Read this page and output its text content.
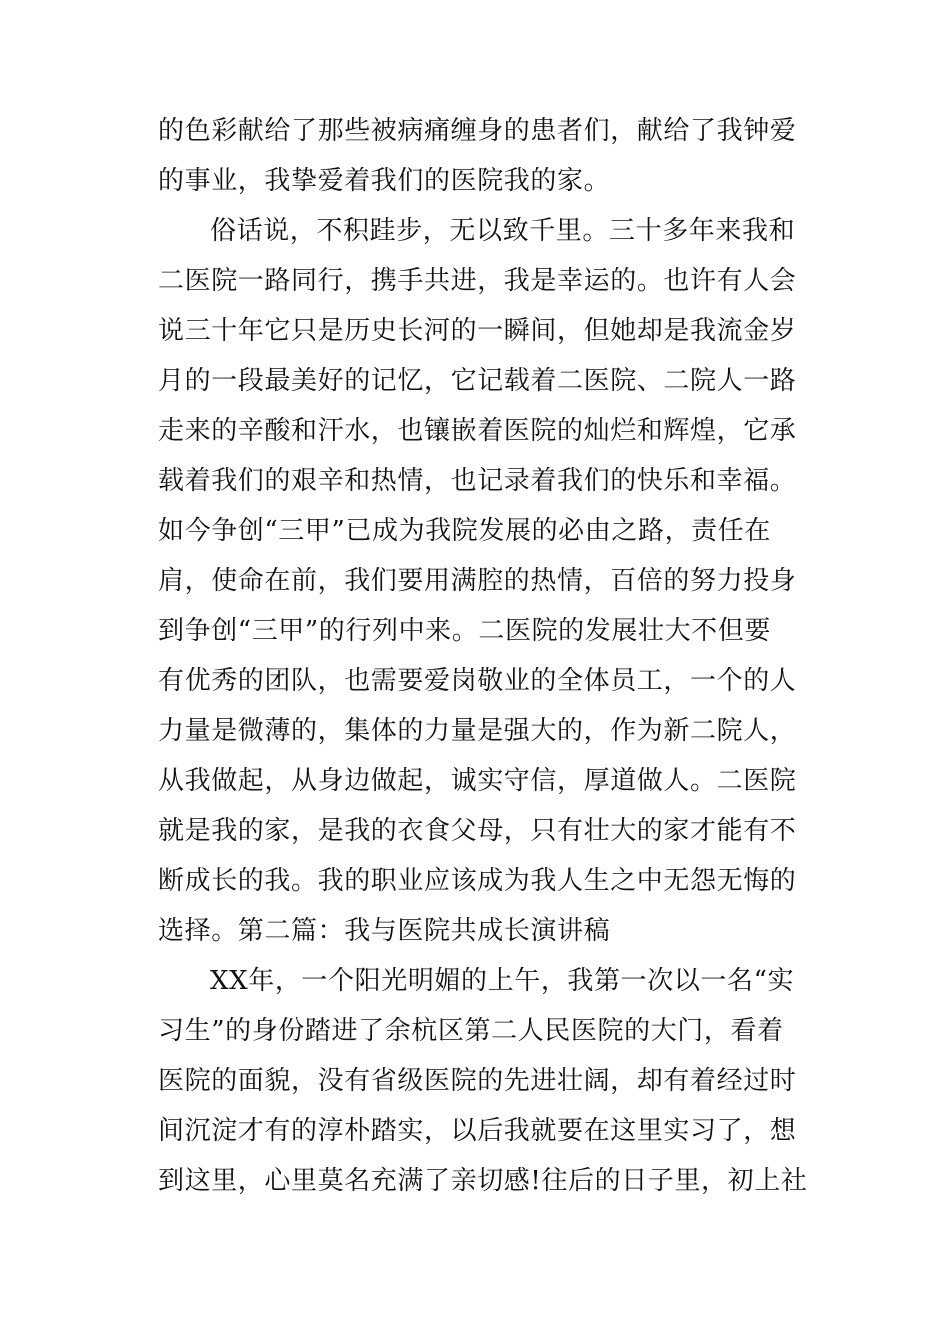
的色彩献给了那些被病痛缠身的患者们，献给了我钟爱
的事业，我挚爱着我们的医院我的家。
俗话说，不积跬步，无以致千里。三十多年来我和
二医院一路同行，携手共进，我是幸运的。也许有人会
说三十年它只是历史长河的一瞬间，但她却是我流金岁
月的一段最美好的记忆，它记载着二医院、二院人一路
走来的辛酸和汗水，也镶嵌着医院的灿烂和辉煌，它承
载着我们的艰辛和热情，也记录着我们的快乐和幸福。
如今争创“三甲”已成为我院发展的必由之路，责任在
肩，使命在前，我们要用满腔的热情，百倍的努力投身
到争创“三甲”的行列中来。二医院的发展壮大不但要
有优秀的团队，也需要爱岗敬业的全体员工，一个的人
力量是微薄的，集体的力量是强大的，作为新二院人，
从我做起，从身边做起，诚实守信，厚道做人。二医院
就是我的家，是我的衣食父母，只有壮大的家才能有不
断成长的我。我的职业应该成为我人生之中无怨无悔的
选择。第二篇：我与医院共成长演讲稿
XX年，一个阳光明媚的上午，我第一次以一名“实
习生”的身份踏进了余杭区第二人民医院的大门，看着
医院的面貌，没有省级医院的先进壮阔，却有着经过时
间沉淀才有的淳朴踏实，以后我就要在这里实习了，想
到这里，心里莫名充满了亲切感!往后的日子里，初上社
